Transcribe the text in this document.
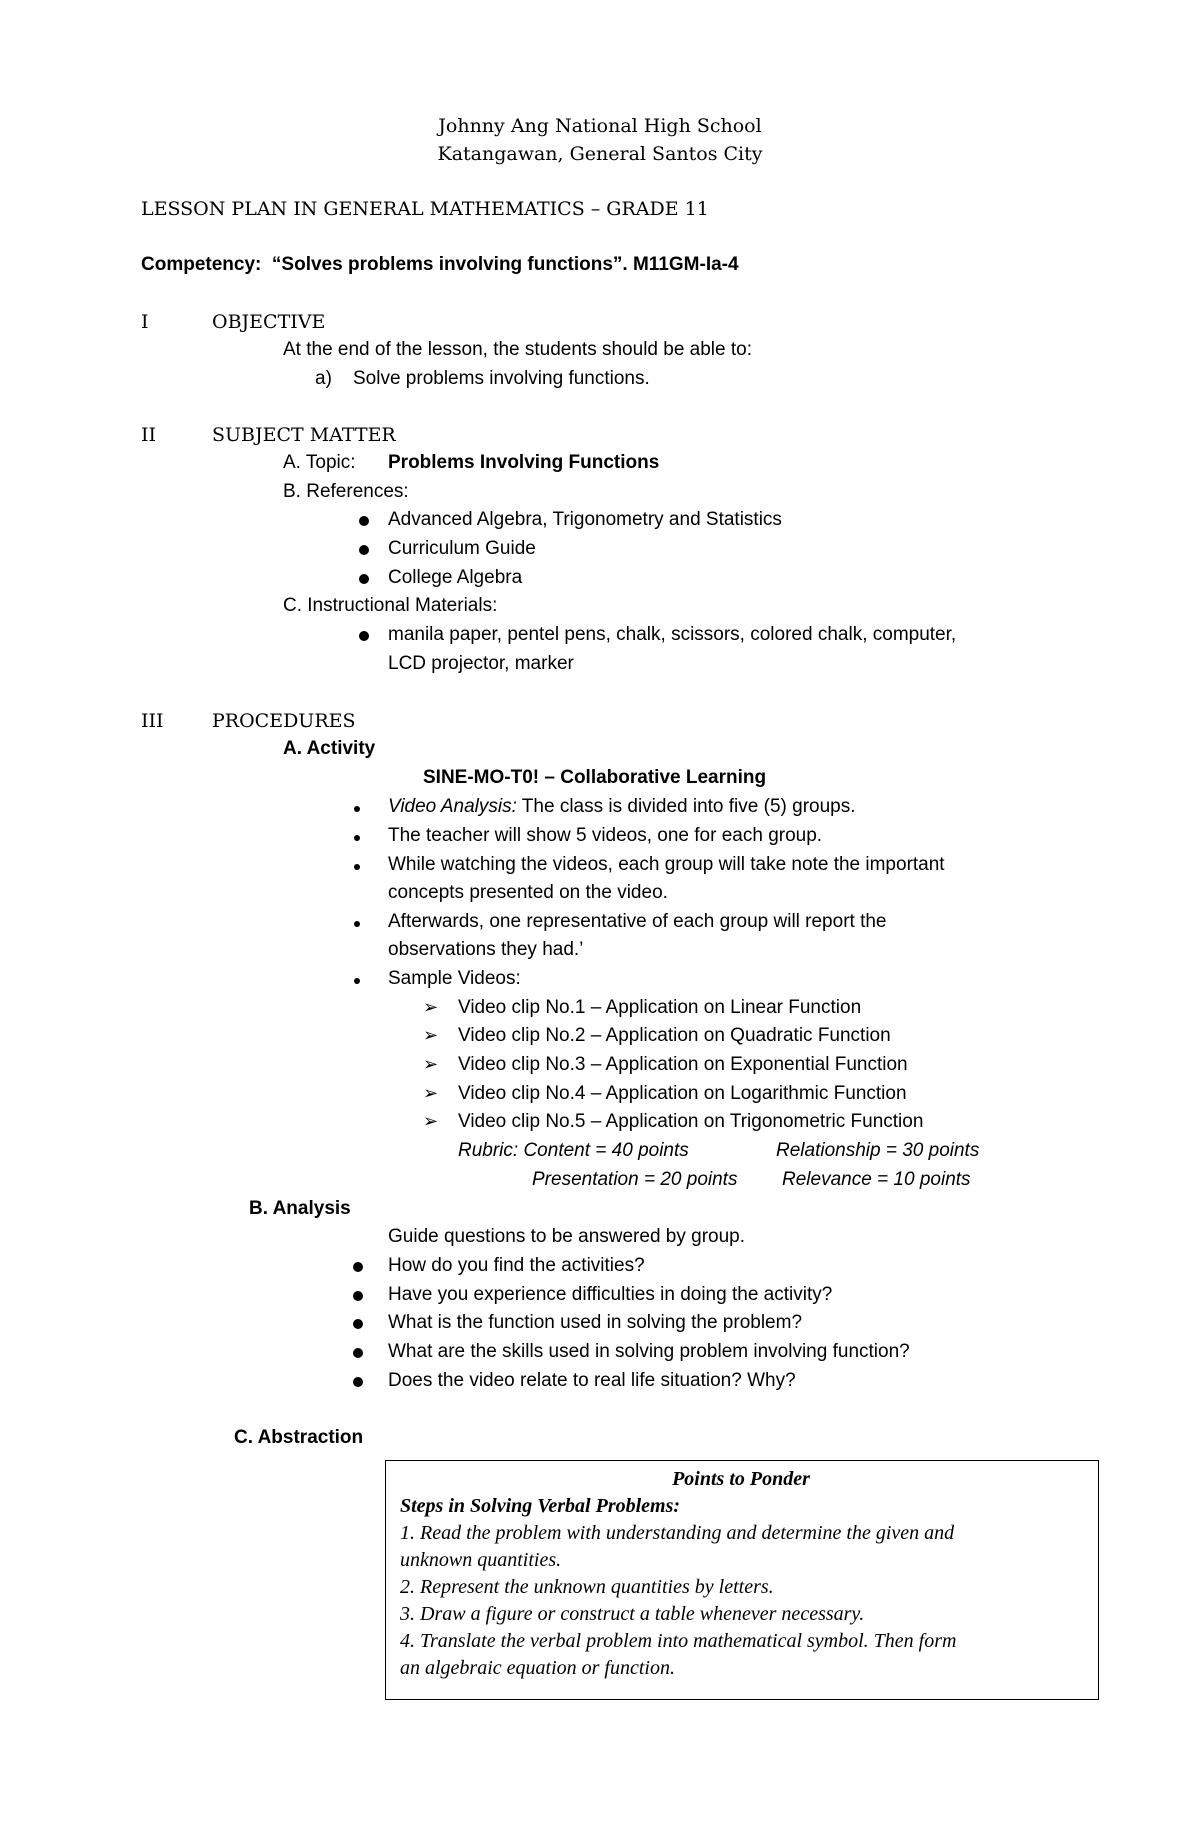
Johnny Ang National High School
Katangawan, General Santos City
LESSON PLAN IN GENERAL MATHEMATICS – GRADE 11
Competency: “Solves problems involving functions”. M11GM-Ia-4
I	OBJECTIVE
At the end of the lesson, the students should be able to:
a) Solve problems involving functions.
II	SUBJECT MATTER
A. Topic: Problems Involving Functions
B. References:
Advanced Algebra, Trigonometry and Statistics
Curriculum Guide
College Algebra
C. Instructional Materials:
manila paper, pentel pens, chalk, scissors, colored chalk, computer,
LCD projector, marker
III	PROCEDURES
A. Activity
SINE-MO-T0! – Collaborative Learning
Video Analysis: The class is divided into five (5) groups.
The teacher will show 5 videos, one for each group.
While watching the videos, each group will take note the important
concepts presented on the video.
Afterwards, one representative of each group will report the
observations they had.’
Sample Videos:
➢ Video clip No.1 – Application on Linear Function
➢ Video clip No.2 – Application on Quadratic Function
➢ Video clip No.3 – Application on Exponential Function
➢ Video clip No.4 – Application on Logarithmic Function
➢ Video clip No.5 – Application on Trigonometric Function
Rubric: Content = 40 points	Relationship = 30 points
Presentation = 20 points Relevance = 10 points
B. Analysis
Guide questions to be answered by group.
How do you find the activities?
Have you experience difficulties in doing the activity?
What is the function used in solving the problem?
What are the skills used in solving problem involving function?
Does the video relate to real life situation? Why?
C. Abstraction
Points to Ponder
Steps in Solving Verbal Problems:
1. Read the problem with understanding and determine the given and
unknown quantities.
2. Represent the unknown quantities by letters.
3. Draw a figure or construct a table whenever necessary.
4. Translate the verbal problem into mathematical symbol. Then form
an algebraic equation or function.
